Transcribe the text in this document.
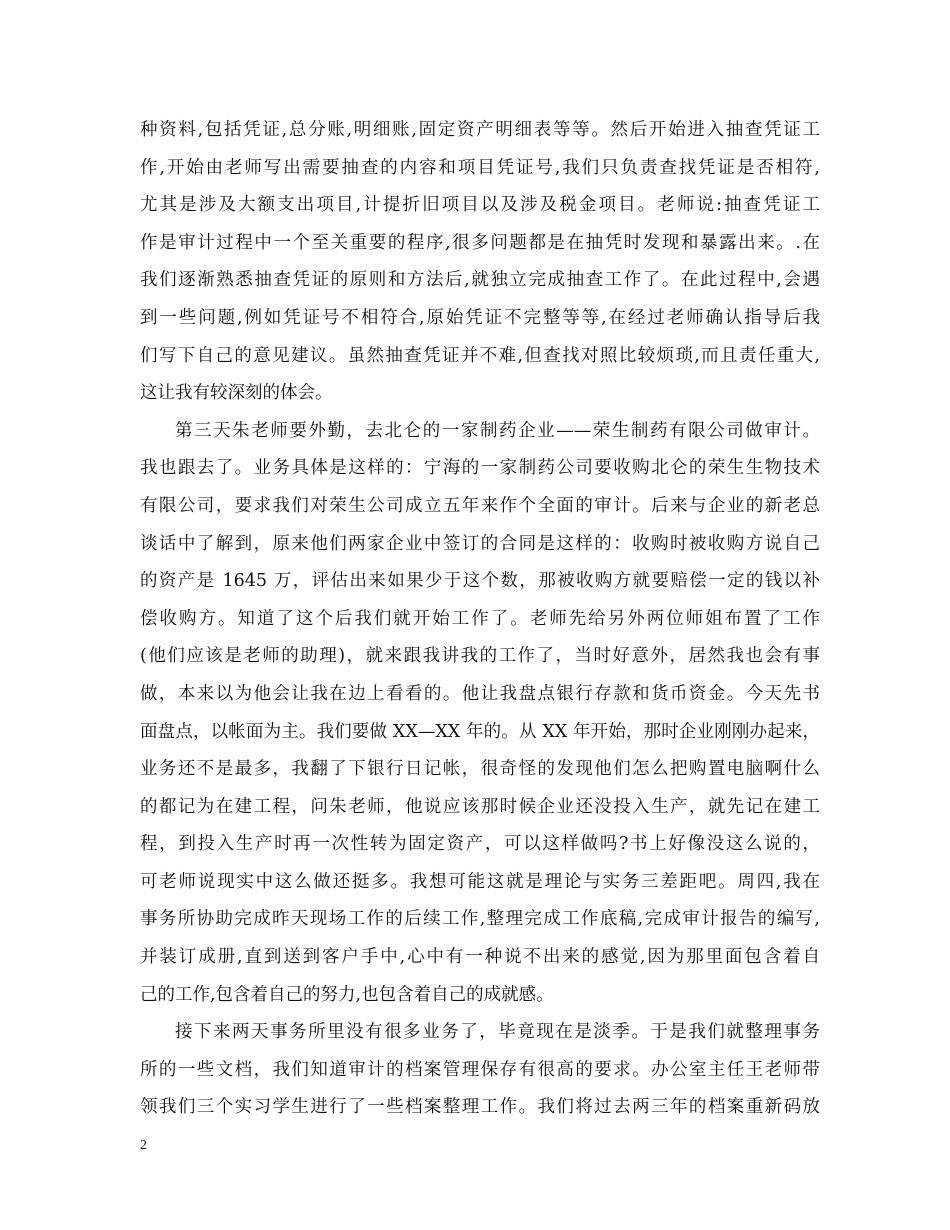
种资料,包括凭证,总分账,明细账,固定资产明细表等等。然后开始进入抽查凭证工
作,开始由老师写出需要抽查的内容和项目凭证号,我们只负责查找凭证是否相符,
尤其是涉及大额支出项目,计提折旧项目以及涉及税金项目。老师说:抽查凭证工
作是审计过程中一个至关重要的程序,很多问题都是在抽凭时发现和暴露出来。.在
我们逐渐熟悉抽查凭证的原则和方法后,就独立完成抽查工作了。在此过程中,会遇
到一些问题,例如凭证号不相符合,原始凭证不完整等等,在经过老师确认指导后我
们写下自己的意见建议。虽然抽查凭证并不难,但查找对照比较烦琐,而且责任重大,
这让我有较深刻的体会。
第三天朱老师要外勤，去北仑的一家制药企业——荣生制药有限公司做审计。
我也跟去了。业务具体是这样的：宁海的一家制药公司要收购北仑的荣生生物技术
有限公司，要求我们对荣生公司成立五年来作个全面的审计。后来与企业的新老总
谈话中了解到，原来他们两家企业中签订的合同是这样的：收购时被收购方说自己
的资产是 1645 万，评估出来如果少于这个数，那被收购方就要赔偿一定的钱以补
偿收购方。知道了这个后我们就开始工作了。老师先给另外两位师姐布置了工作
(他们应该是老师的助理)，就来跟我讲我的工作了，当时好意外，居然我也会有事
做，本来以为他会让我在边上看看的。他让我盘点银行存款和货币资金。今天先书
面盘点，以帐面为主。我们要做 XX—XX 年的。从 XX 年开始，那时企业刚刚办起来，
业务还不是最多，我翻了下银行日记帐，很奇怪的发现他们怎么把购置电脑啊什么
的都记为在建工程，问朱老师，他说应该那时候企业还没投入生产，就先记在建工
程，到投入生产时再一次性转为固定资产，可以这样做吗?书上好像没这么说的，
可老师说现实中这么做还挺多。我想可能这就是理论与实务三差距吧。周四,我在
事务所协助完成昨天现场工作的后续工作,整理完成工作底稿,完成审计报告的编写,
并装订成册,直到送到客户手中,心中有一种说不出来的感觉,因为那里面包含着自
己的工作,包含着自己的努力,也包含着自己的成就感。
接下来两天事务所里没有很多业务了，毕竟现在是淡季。于是我们就整理事务
所的一些文档，我们知道审计的档案管理保存有很高的要求。办公室主任王老师带
领我们三个实习学生进行了一些档案整理工作。我们将过去两三年的档案重新码放
2
